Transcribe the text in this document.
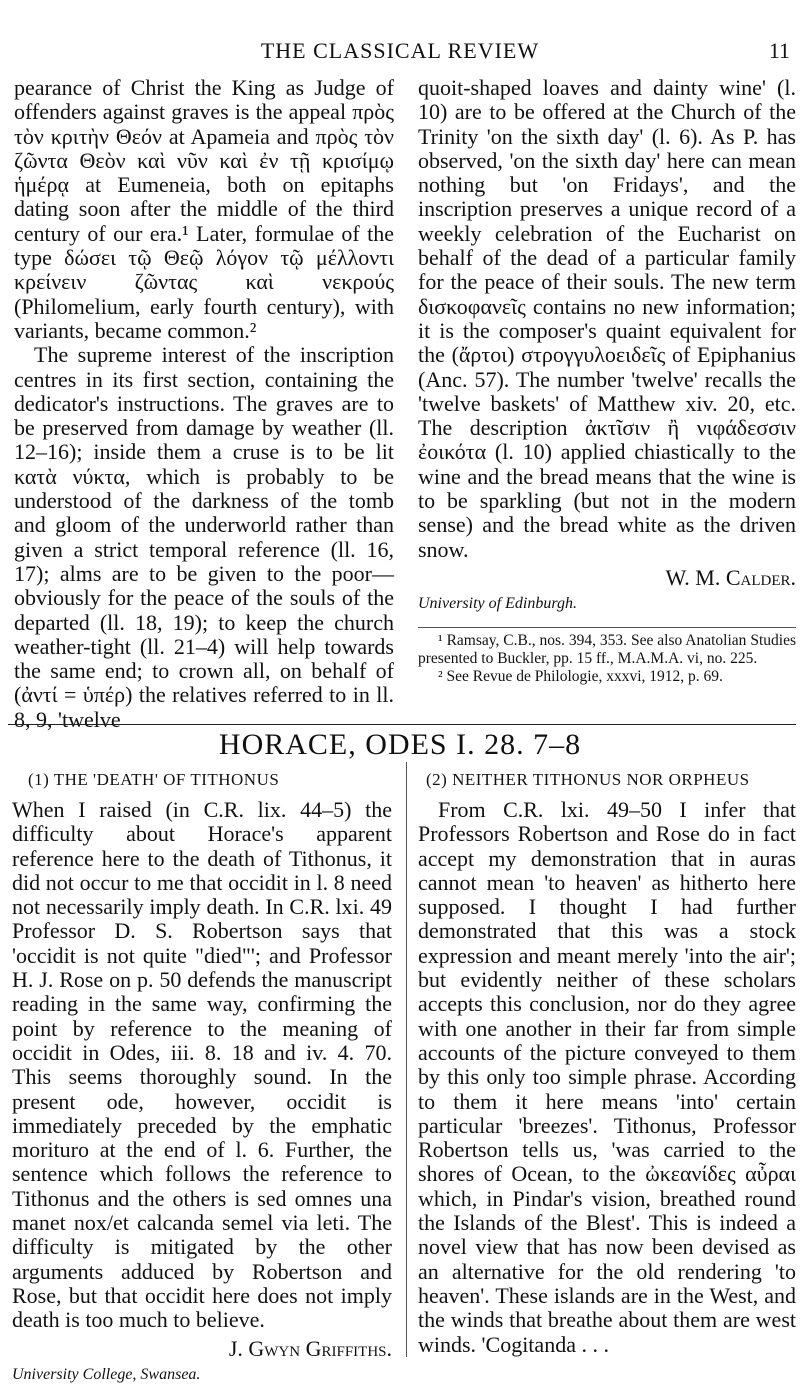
THE CLASSICAL REVIEW	11

pearance of Christ the King as Judge of offenders against graves is the appeal πρὸς τὸν κριτὴν Θεόν at Apameia and πρὸς τὸν ζῶντα Θεὸν καὶ νῦν καὶ ἐν τῇ κρισίμῳ ἡμέρᾳ at Eumeneia, both on epitaphs dating soon after the middle of the third century of our era.¹ Later, formulae of the type δώσει τῷ Θεῷ λόγον τῷ μέλλοντι κρείνειν ζῶντας καὶ νεκρούς (Philomelium, early fourth century), with variants, became common.²

The supreme interest of the inscription centres in its first section, containing the dedicator's instructions. The graves are to be preserved from damage by weather (ll. 12–16); inside them a cruse is to be lit κατὰ νύκτα, which is probably to be understood of the darkness of the tomb and gloom of the underworld rather than given a strict temporal reference (ll. 16, 17); alms are to be given to the poor—obviously for the peace of the souls of the departed (ll. 18, 19); to keep the church weather-tight (ll. 21–4) will help towards the same end; to crown all, on behalf of (ἀντί = ὑπέρ) the relatives referred to in ll. 8, 9, 'twelve

quoit-shaped loaves and dainty wine' (l. 10) are to be offered at the Church of the Trinity 'on the sixth day' (l. 6). As P. has observed, 'on the sixth day' here can mean nothing but 'on Fridays', and the inscription preserves a unique record of a weekly celebration of the Eucharist on behalf of the dead of a particular family for the peace of their souls. The new term δισκοφανεῖς contains no new information; it is the composer's quaint equivalent for the (ἄρτοι) στρογγυλοειδεῖς of Epiphanius (Anc. 57). The number 'twelve' recalls the 'twelve baskets' of Matthew xiv. 20, etc. The description ἀκτῖσιν ἢ νιφάδεσσιν ἐοικότα (l. 10) applied chiastically to the wine and the bread means that the wine is to be sparkling (but not in the modern sense) and the bread white as the driven snow.

W. M. Calder.
University of Edinburgh.

¹ Ramsay, C.B., nos. 394, 353. See also Anatolian Studies presented to Buckler, pp. 15 ff., M.A.M.A. vi, no. 225.

² See Revue de Philologie, xxxvi, 1912, p. 69.

HORACE, ODES I. 28. 7–8
(1) THE 'DEATH' OF TITHONUS	(2) NEITHER TITHONUS NOR ORPHEUS

When I raised (in C.R. lix. 44–5) the difficulty about Horace's apparent reference here to the death of Tithonus, it did not occur to me that occidit in l. 8 need not necessarily imply death. In C.R. lxi. 49 Professor D. S. Robertson says that 'occidit is not quite "died"'; and Professor H. J. Rose on p. 50 defends the manuscript reading in the same way, confirming the point by reference to the meaning of occidit in Odes, iii. 8. 18 and iv. 4. 70. This seems thoroughly sound. In the present ode, however, occidit is immediately preceded by the emphatic morituro at the end of l. 6. Further, the sentence which follows the reference to Tithonus and the others is sed omnes una manet nox/et calcanda semel via leti. The difficulty is mitigated by the other arguments adduced by Robertson and Rose, but that occidit here does not imply death is too much to believe.

J. Gwyn Griffiths.
University College, Swansea.

From C.R. lxi. 49–50 I infer that Professors Robertson and Rose do in fact accept my demonstration that in auras cannot mean 'to heaven' as hitherto here supposed. I thought I had further demonstrated that this was a stock expression and meant merely 'into the air'; but evidently neither of these scholars accepts this conclusion, nor do they agree with one another in their far from simple accounts of the picture conveyed to them by this only too simple phrase. According to them it here means 'into' certain particular 'breezes'. Tithonus, Professor Robertson tells us, 'was carried to the shores of Ocean, to the ὠκεανίδες αὖραι which, in Pindar's vision, breathed round the Islands of the Blest'. This is indeed a novel view that has now been devised as an alternative for the old rendering 'to heaven'. These islands are in the West, and the winds that breathe about them are west winds. 'Cogitanda . . .
